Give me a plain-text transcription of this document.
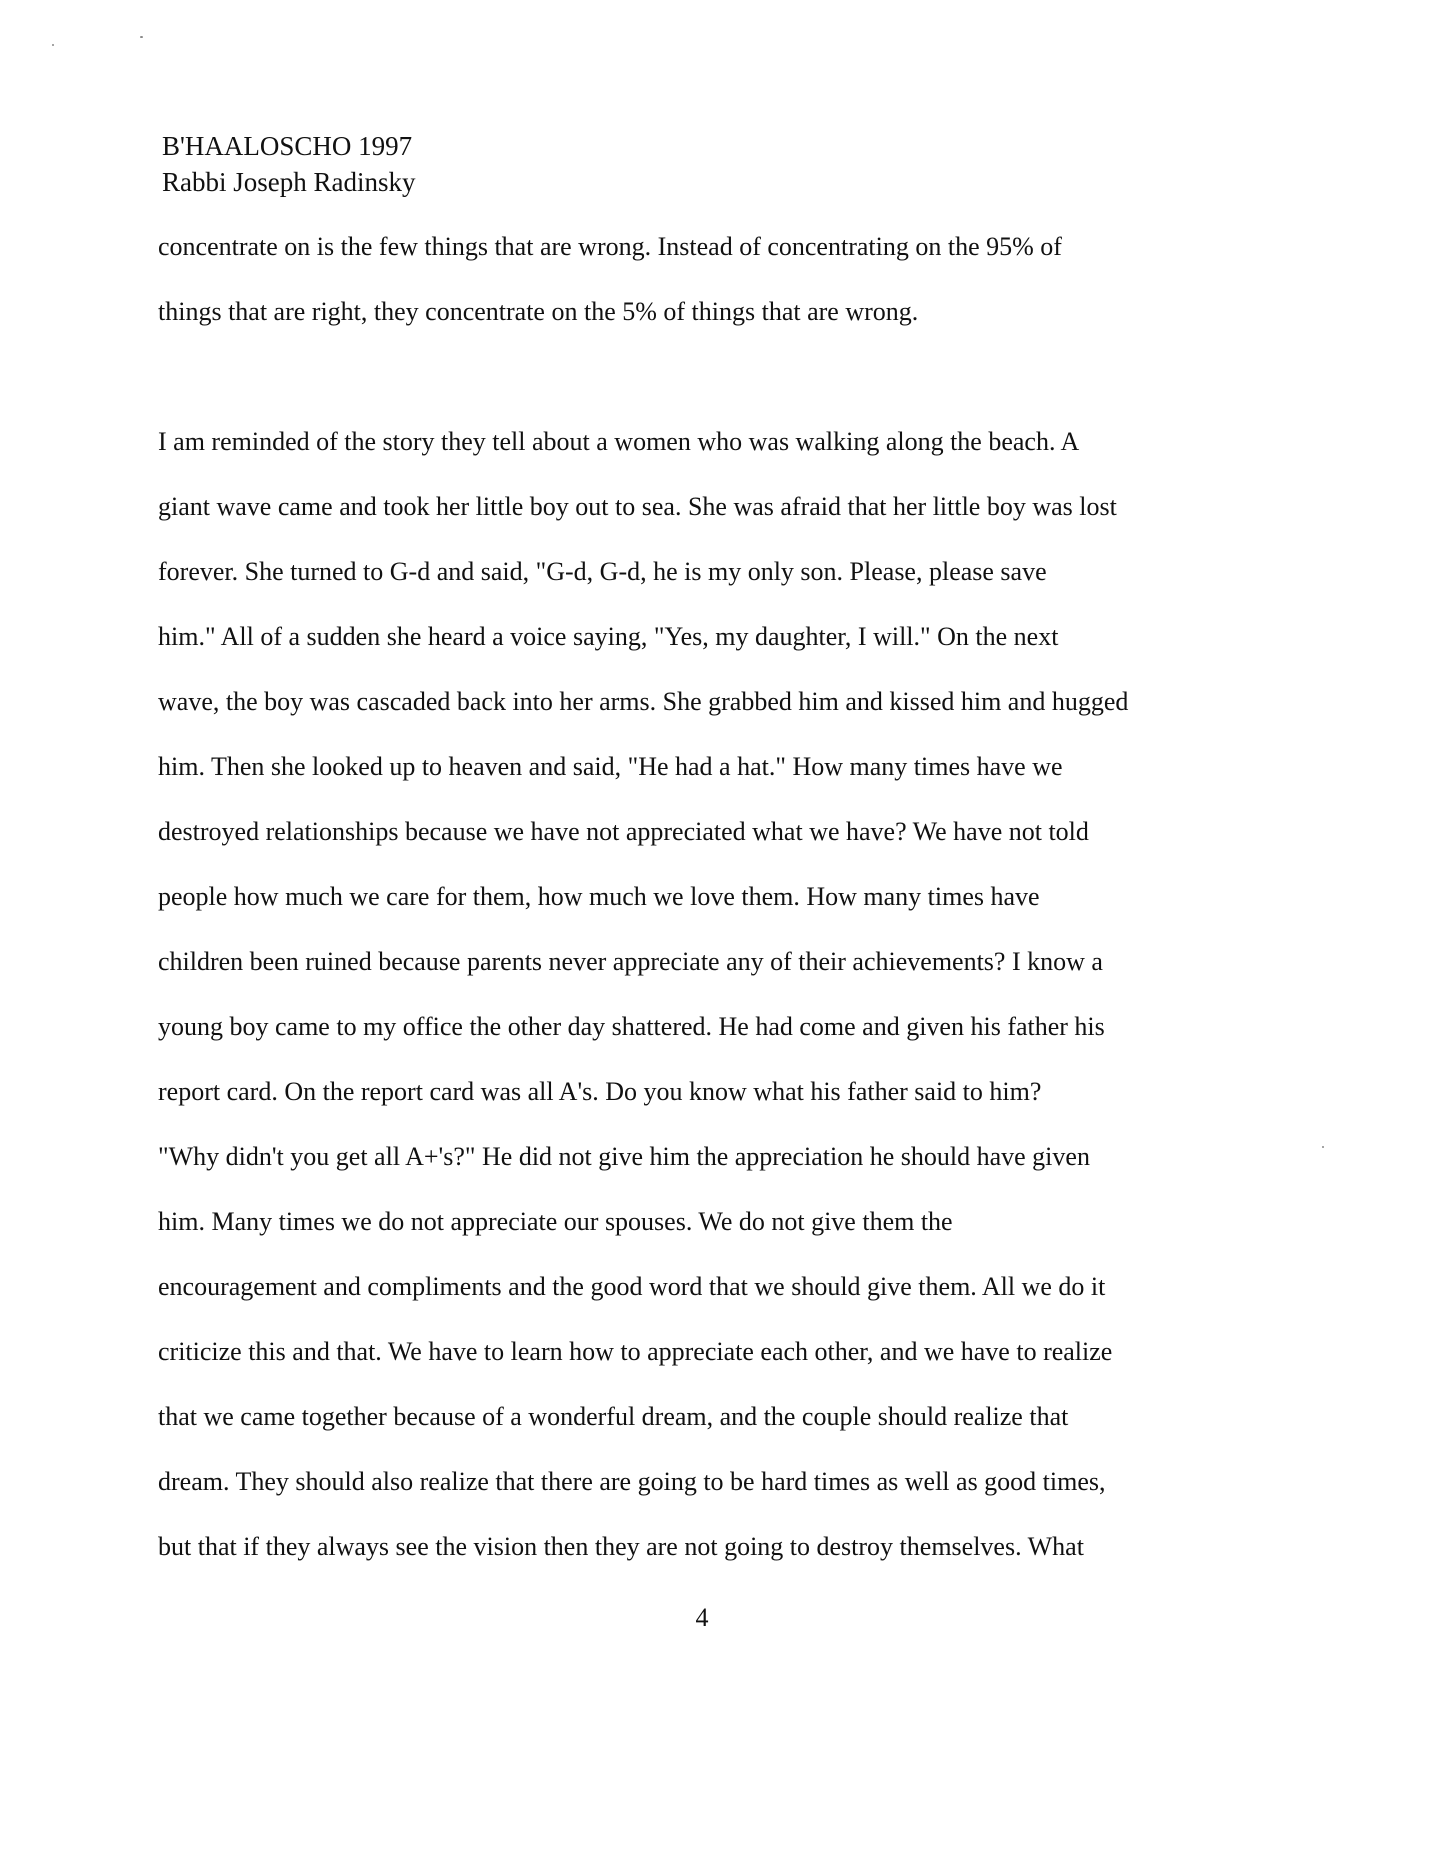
B'HAALOSCHO 1997
Rabbi Joseph Radinsky
concentrate on is the few things that are wrong. Instead of concentrating on the 95% of
things that are right, they concentrate on the 5% of things that are wrong.
I am reminded of the story they tell about a women who was walking along the beach. A
giant wave came and took her little boy out to sea. She was afraid that her little boy was lost
forever. She turned to G-d and said, "G-d, G-d, he is my only son. Please, please save
him." All of a sudden she heard a voice saying, "Yes, my daughter, I will." On the next
wave, the boy was cascaded back into her arms. She grabbed him and kissed him and hugged
him. Then she looked up to heaven and said, "He had a hat." How many times have we
destroyed relationships because we have not appreciated what we have? We have not told
people how much we care for them, how much we love them. How many times have
children been ruined because parents never appreciate any of their achievements? I know a
young boy came to my office the other day shattered. He had come and given his father his
report card. On the report card was all A's. Do you know what his father said to him?
"Why didn't you get all A+'s?" He did not give him the appreciation he should have given
him. Many times we do not appreciate our spouses. We do not give them the
encouragement and compliments and the good word that we should give them. All we do it
criticize this and that. We have to learn how to appreciate each other, and we have to realize
that we came together because of a wonderful dream, and the couple should realize that
dream. They should also realize that there are going to be hard times as well as good times,
but that if they always see the vision then they are not going to destroy themselves. What
4
